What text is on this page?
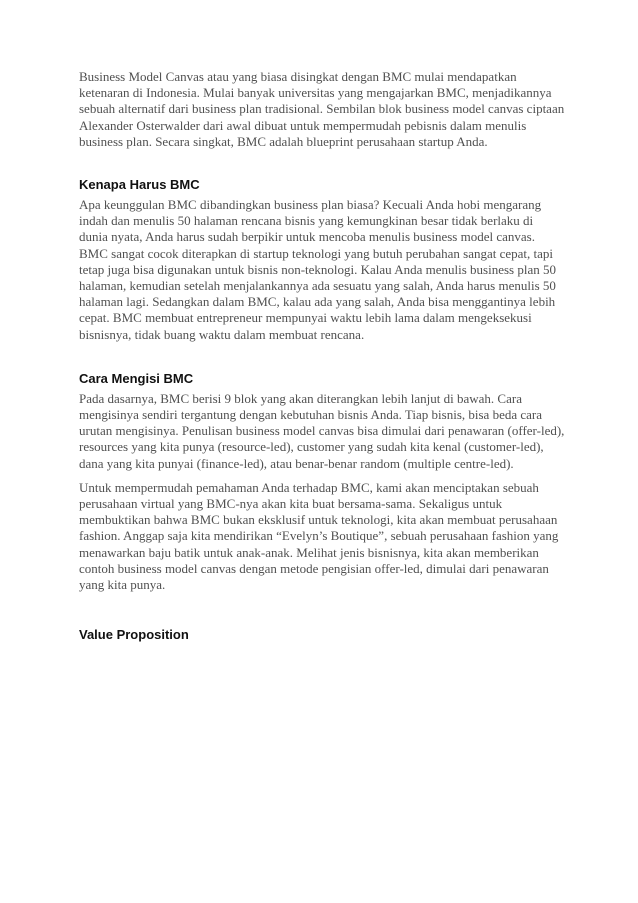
Business Model Canvas atau yang biasa disingkat dengan BMC mulai mendapatkan ketenaran di Indonesia. Mulai banyak universitas yang mengajarkan BMC, menjadikannya sebuah alternatif dari business plan tradisional. Sembilan blok business model canvas ciptaan Alexander Osterwalder dari awal dibuat untuk mempermudah pebisnis dalam menulis business plan. Secara singkat, BMC adalah blueprint perusahaan startup Anda.

Kenapa Harus BMC

Apa keunggulan BMC dibandingkan business plan biasa? Kecuali Anda hobi mengarang indah dan menulis 50 halaman rencana bisnis yang kemungkinan besar tidak berlaku di dunia nyata, Anda harus sudah berpikir untuk mencoba menulis business model canvas. BMC sangat cocok diterapkan di startup teknologi yang butuh perubahan sangat cepat, tapi tetap juga bisa digunakan untuk bisnis non-teknologi. Kalau Anda menulis business plan 50 halaman, kemudian setelah menjalankannya ada sesuatu yang salah, Anda harus menulis 50 halaman lagi. Sedangkan dalam BMC, kalau ada yang salah, Anda bisa menggantinya lebih cepat. BMC membuat entrepreneur mempunyai waktu lebih lama dalam mengeksekusi bisnisnya, tidak buang waktu dalam membuat rencana.

Cara Mengisi BMC

Pada dasarnya, BMC berisi 9 blok yang akan diterangkan lebih lanjut di bawah. Cara mengisinya sendiri tergantung dengan kebutuhan bisnis Anda. Tiap bisnis, bisa beda cara urutan mengisinya. Penulisan business model canvas bisa dimulai dari penawaran (offer-led), resources yang kita punya (resource-led), customer yang sudah kita kenal (customer-led), dana yang kita punyai (finance-led), atau benar-benar random (multiple centre-led).

Untuk mempermudah pemahaman Anda terhadap BMC, kami akan menciptakan sebuah perusahaan virtual yang BMC-nya akan kita buat bersama-sama. Sekaligus untuk membuktikan bahwa BMC bukan eksklusif untuk teknologi, kita akan membuat perusahaan fashion. Anggap saja kita mendirikan “Evelyn’s Boutique”, sebuah perusahaan fashion yang menawarkan baju batik untuk anak-anak. Melihat jenis bisnisnya, kita akan memberikan contoh business model canvas dengan metode pengisian offer-led, dimulai dari penawaran yang kita punya.

Value Proposition
